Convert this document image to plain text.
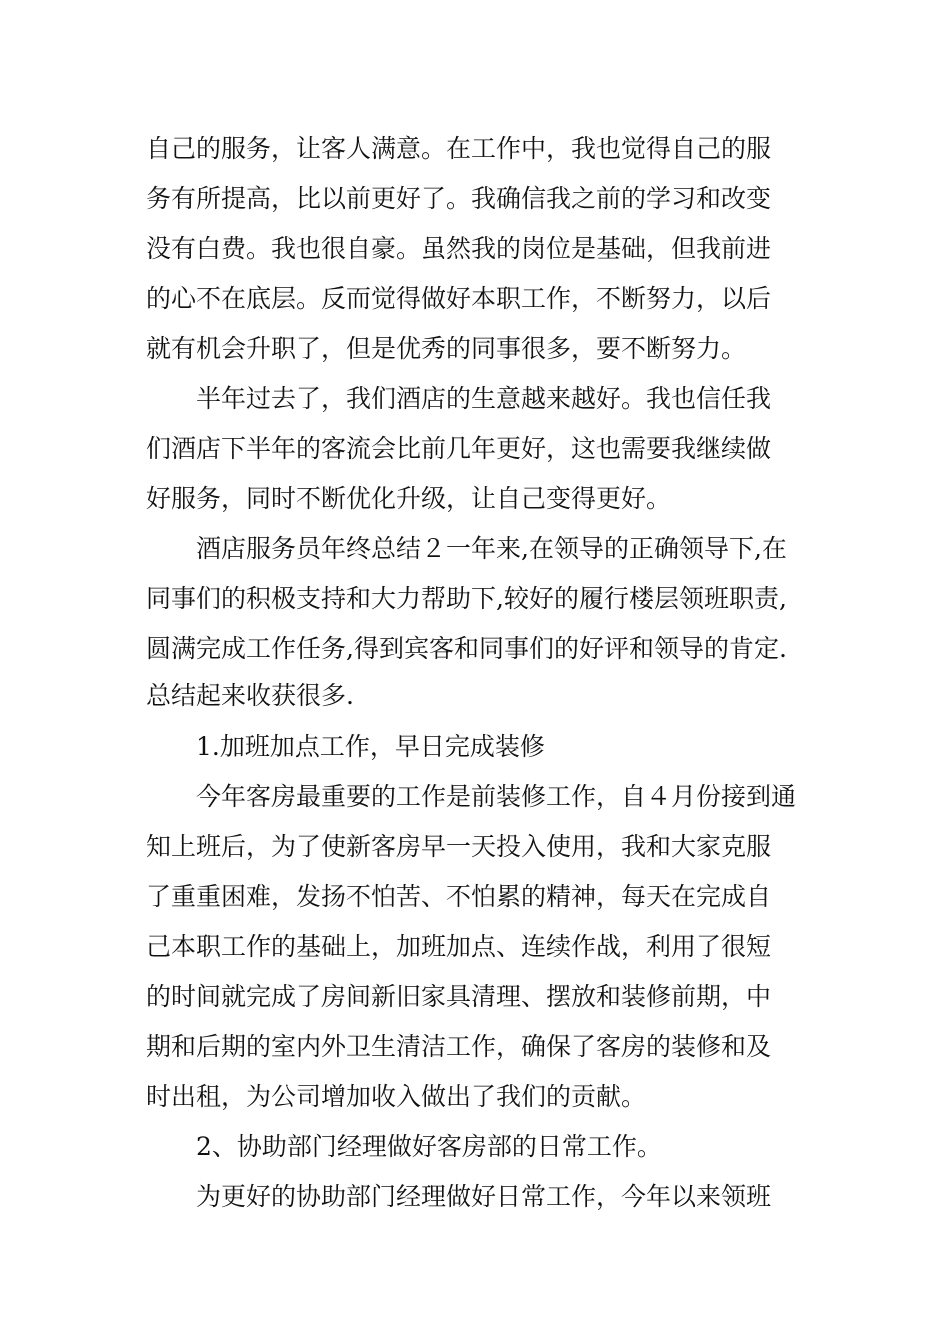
自己的服务，让客人满意。在工作中，我也觉得自己的服
务有所提高，比以前更好了。我确信我之前的学习和改变
没有白费。我也很自豪。虽然我的岗位是基础，但我前进
的心不在底层。反而觉得做好本职工作，不断努力，以后
就有机会升职了，但是优秀的同事很多，要不断努力。
半年过去了，我们酒店的生意越来越好。我也信任我
们酒店下半年的客流会比前几年更好，这也需要我继续做
好服务，同时不断优化升级，让自己变得更好。
酒店服务员年终总结２一年来,在领导的正确领导下,在
同事们的积极支持和大力帮助下,较好的履行楼层领班职责,
圆满完成工作任务,得到宾客和同事们的好评和领导的肯定.
总结起来收获很多.
1.加班加点工作，早日完成装修
今年客房最重要的工作是前装修工作，自４月份接到通
知上班后，为了使新客房早一天投入使用，我和大家克服
了重重困难，发扬不怕苦、不怕累的精神，每天在完成自
己本职工作的基础上，加班加点、连续作战，利用了很短
的时间就完成了房间新旧家具清理、摆放和装修前期，中
期和后期的室内外卫生清洁工作，确保了客房的装修和及
时出租，为公司增加收入做出了我们的贡献。
2、协助部门经理做好客房部的日常工作。
为更好的协助部门经理做好日常工作，今年以来领班
